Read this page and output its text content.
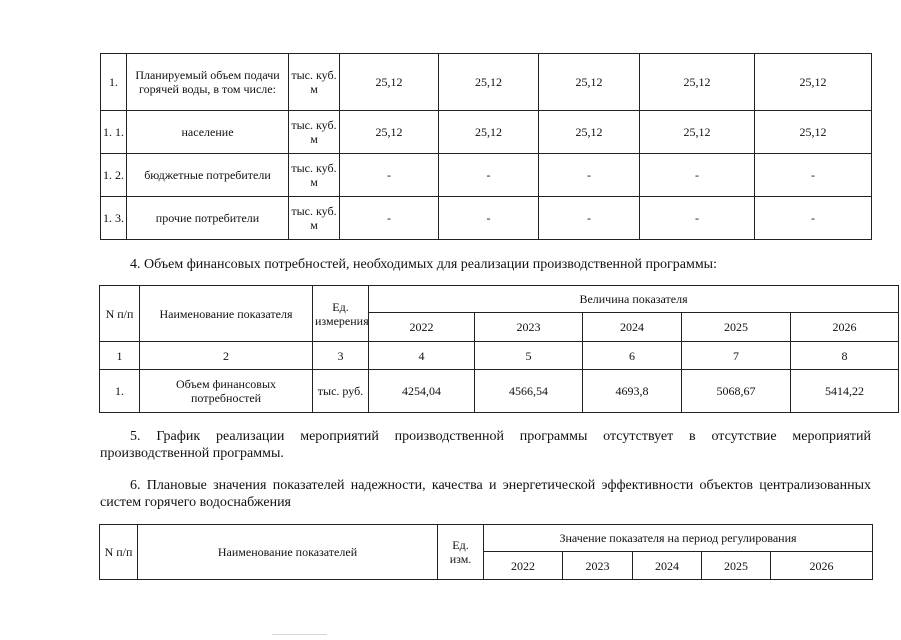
1.	Планируемый объем подачи горячей воды, в том числе:	тыс. куб. м	25,12	25,12	25,12	25,12	25,12
1. 1.	население	тыс. куб. м	25,12	25,12	25,12	25,12	25,12
1. 2.	бюджетные потребители	тыс. куб. м	-	-	-	-	-
1. 3.	прочие потребители	тыс. куб. м	-	-	-	-	-
4. Объем финансовых потребностей, необходимых для реализации производственной программы:
N п/п	Наименование показателя	Ед. измерения	Величина показателя				
			2022	2023	2024	2025	2026
1	2	3	4	5	6	7	8
1.	Объем финансовых потребностей	тыс. руб.	4254,04	4566,54	4693,8	5068,67	5414,22
5. График реализации мероприятий производственной программы отсутствует в отсутствие мероприятий производственной программы.
6. Плановые значения показателей надежности, качества и энергетической эффективности объектов централизованных систем горячего водоснабжения
N п/п	Наименование показателей	Ед. изм.	Значение показателя на период регулирования				
			2022	2023	2024	2025	2026
